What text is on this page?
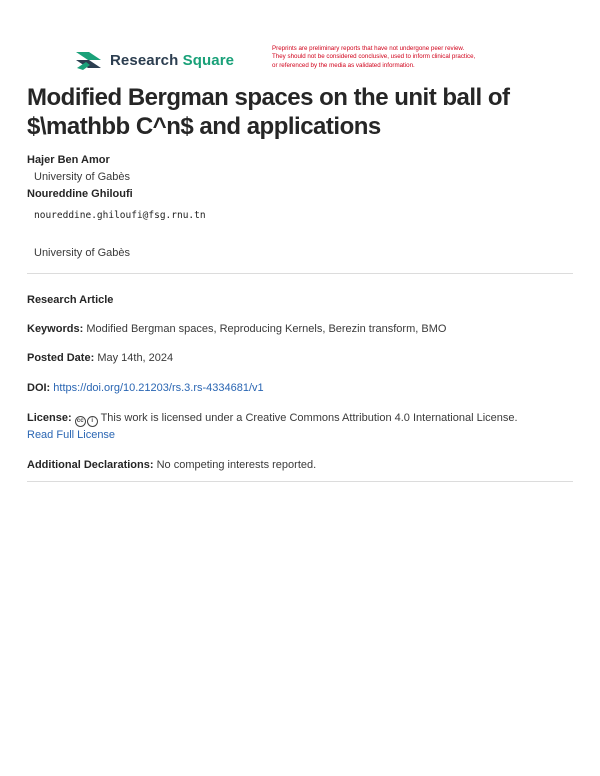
Research Square
Preprints are preliminary reports that have not undergone peer review.
They should not be considered conclusive, used to inform clinical practice,
or referenced by the media as validated information.
Modified Bergman spaces on the unit ball of
$\mathbb C^n$ and applications
Hajer Ben Amor
University of Gabès
Noureddine Ghiloufi
noureddine.ghiloufi@fsg.rnu.tn
University of Gabès
Research Article
Keywords: Modified Bergman spaces, Reproducing Kernels, Berezin transform, BMO
Posted Date: May 14th, 2024
DOI: https://doi.org/10.21203/rs.3.rs-4334681/v1
License: cc i This work is licensed under a Creative Commons Attribution 4.0 International License.
Read Full License
Additional Declarations: No competing interests reported.
